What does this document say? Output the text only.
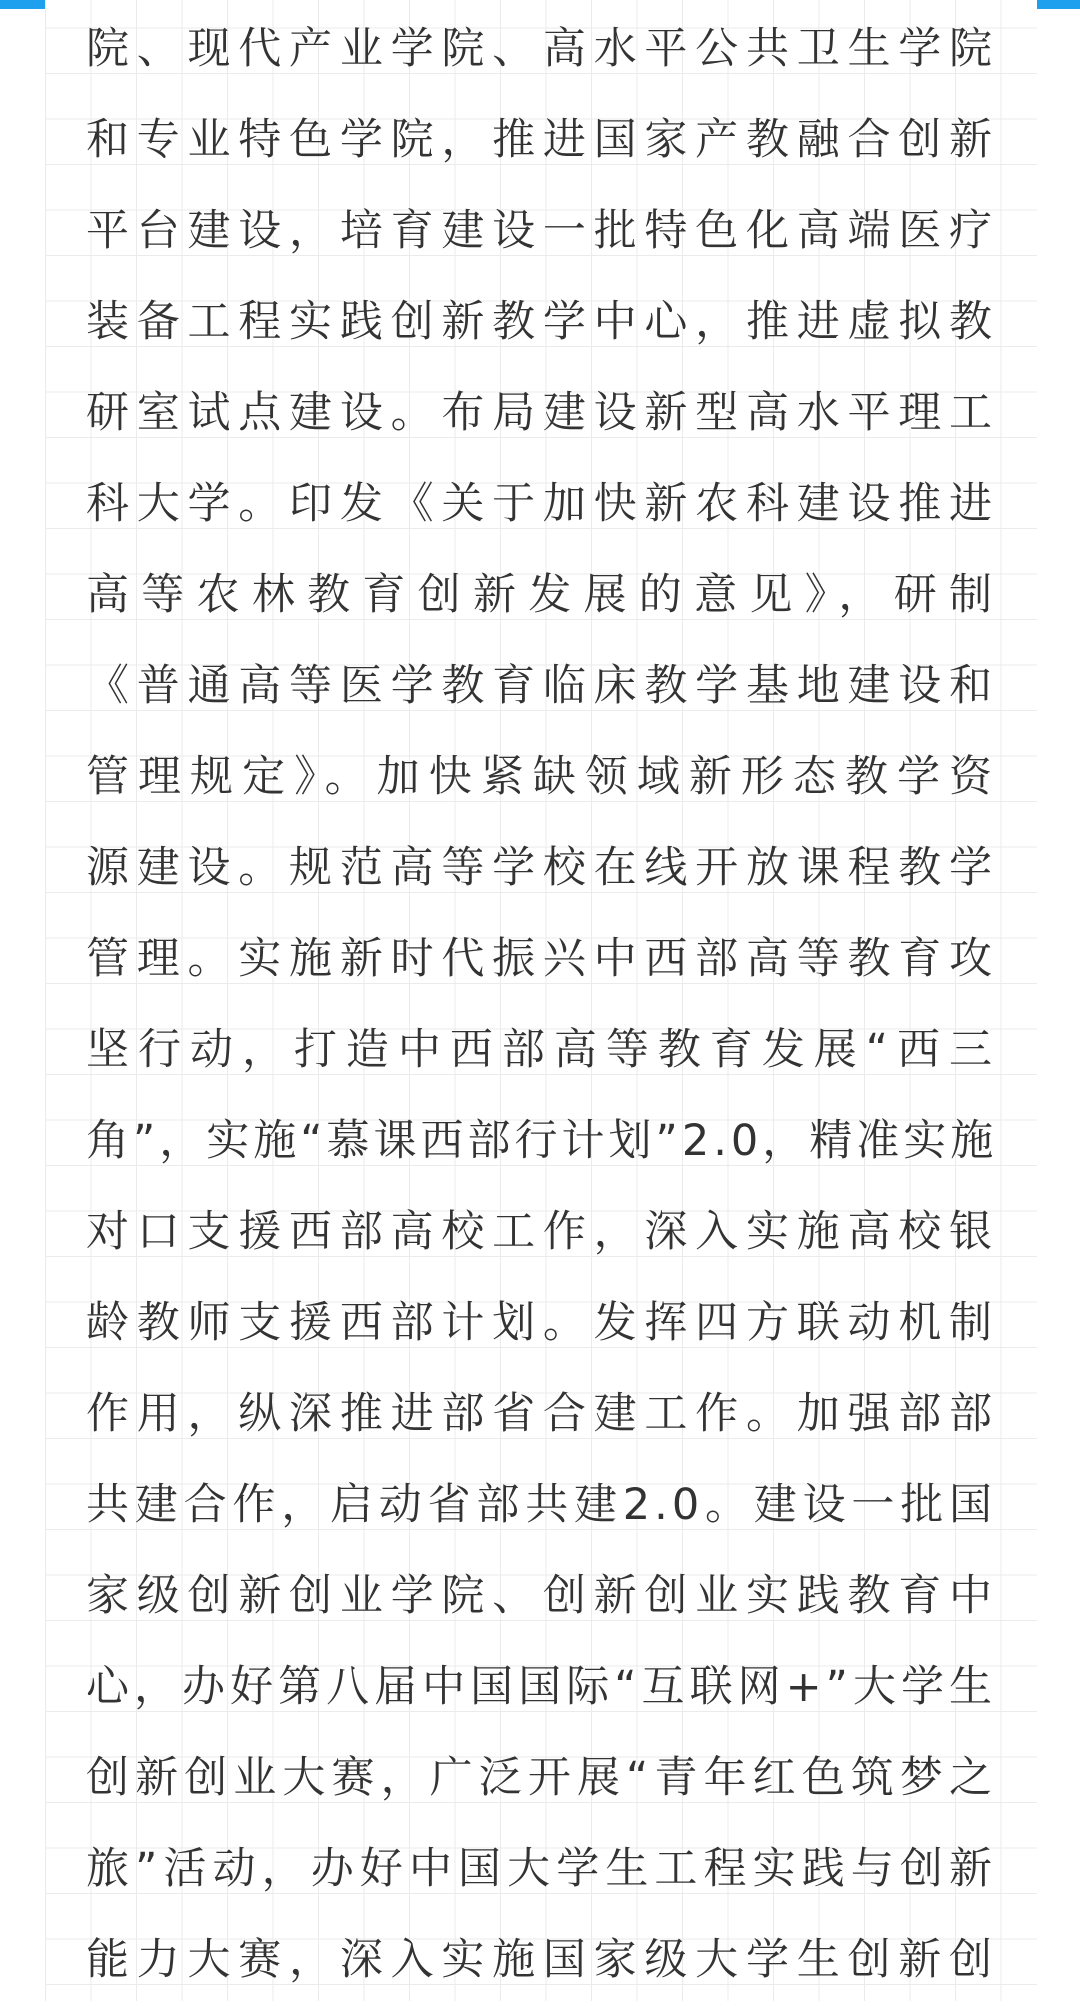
院、现代产业学院、高水平公共卫生学院
和专业特色学院，推进国家产教融合创新
平台建设，培育建设一批特色化高端医疗
装备工程实践创新教学中心，推进虚拟教
研室试点建设。布局建设新型高水平理工
科大学。印发《关于加快新农科建设推进
高等农林教育创新发展的意见》，研制
《普通高等医学教育临床教学基地建设和
管理规定》。加快紧缺领域新形态教学资
源建设。规范高等学校在线开放课程教学
管理。实施新时代振兴中西部高等教育攻
坚行动，打造中西部高等教育发展“西三
角”，实施“慕课西部行计划”2.0，精准实施
对口支援西部高校工作，深入实施高校银
龄教师支援西部计划。发挥四方联动机制
作用，纵深推进部省合建工作。加强部部
共建合作，启动省部共建2.0。建设一批国
家级创新创业学院、创新创业实践教育中
心，办好第八届中国国际“互联网+”大学生
创新创业大赛，广泛开展“青年红色筑梦之
旅”活动，办好中国大学生工程实践与创新
能力大赛，深入实施国家级大学生创新创
